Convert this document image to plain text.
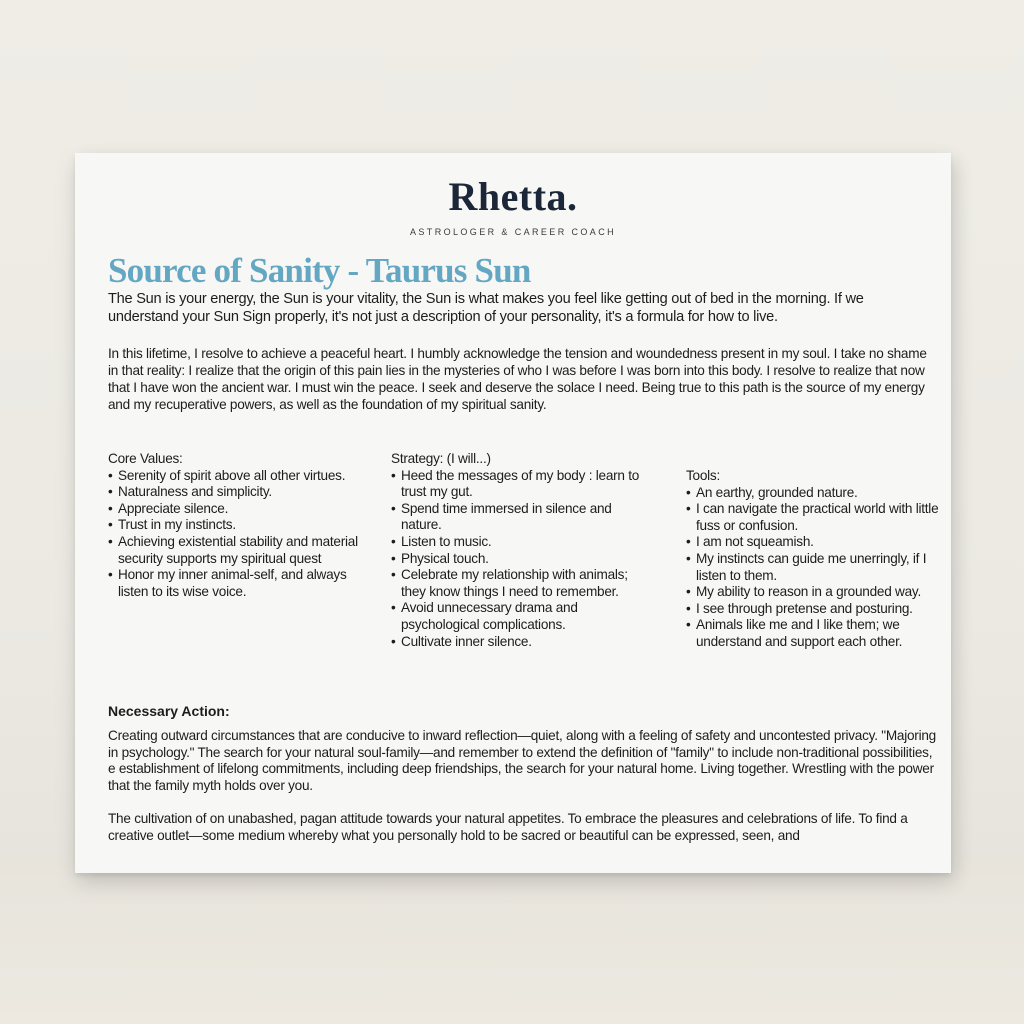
Rhetta.
ASTROLOGER & CAREER COACH
Source of Sanity - Taurus Sun

The Sun is your energy, the Sun is your vitality, the Sun is what makes you feel like getting out of bed in the morning. If we understand your Sun Sign properly, it's not just a description of your personality, it's a formula for how to live.

In this lifetime, I resolve to achieve a peaceful heart. I humbly acknowledge the tension and woundedness present in my soul. I take no shame in that reality: I realize that the origin of this pain lies in the mysteries of who I was before I was born into this body. I resolve to realize that now that I have won the ancient war. I must win the peace. I seek and deserve the solace I need. Being true to this path is the source of my energy and my recuperative powers, as well as the foundation of my spiritual sanity.

Core Values:

• Serenity of spirit above all other virtues.
• Naturalness and simplicity.
• Appreciate silence.
• Trust in my instincts.
• Achieving existential stability and material security supports my spiritual quest
• Honor my inner animal-self, and always listen to its wise voice.

Strategy: (I will...)

• Heed the messages of my body : learn to trust my gut.
• Spend time immersed in silence and nature.
• Listen to music.
• Physical touch.
• Celebrate my relationship with animals; they know things I need to remember.
• Avoid unnecessary drama and psychological complications.
• Cultivate inner silence.

Tools:

• An earthy, grounded nature.
• I can navigate the practical world with little fuss or confusion.
• I am not squeamish.
• My instincts can guide me unerringly, if I listen to them.
• My ability to reason in a grounded way.
• I see through pretense and posturing.
• Animals like me and I like them; we understand and support each other.

Necessary Action:

Creating outward circumstances that are conducive to inward reflection—quiet, along with a feeling of safety and uncontested privacy. "Majoring in psychology." The search for your natural soul-family—and remember to extend the definition of "family" to include non-traditional possibilities, e establishment of lifelong commitments, including deep friendships, the search for your natural home. Living together. Wrestling with the power that the family myth holds over you.

The cultivation of on unabashed, pagan attitude towards your natural appetites. To embrace the pleasures and celebrations of life. To find a creative outlet—some medium whereby what you personally hold to be sacred or beautiful can be expressed, seen, and
